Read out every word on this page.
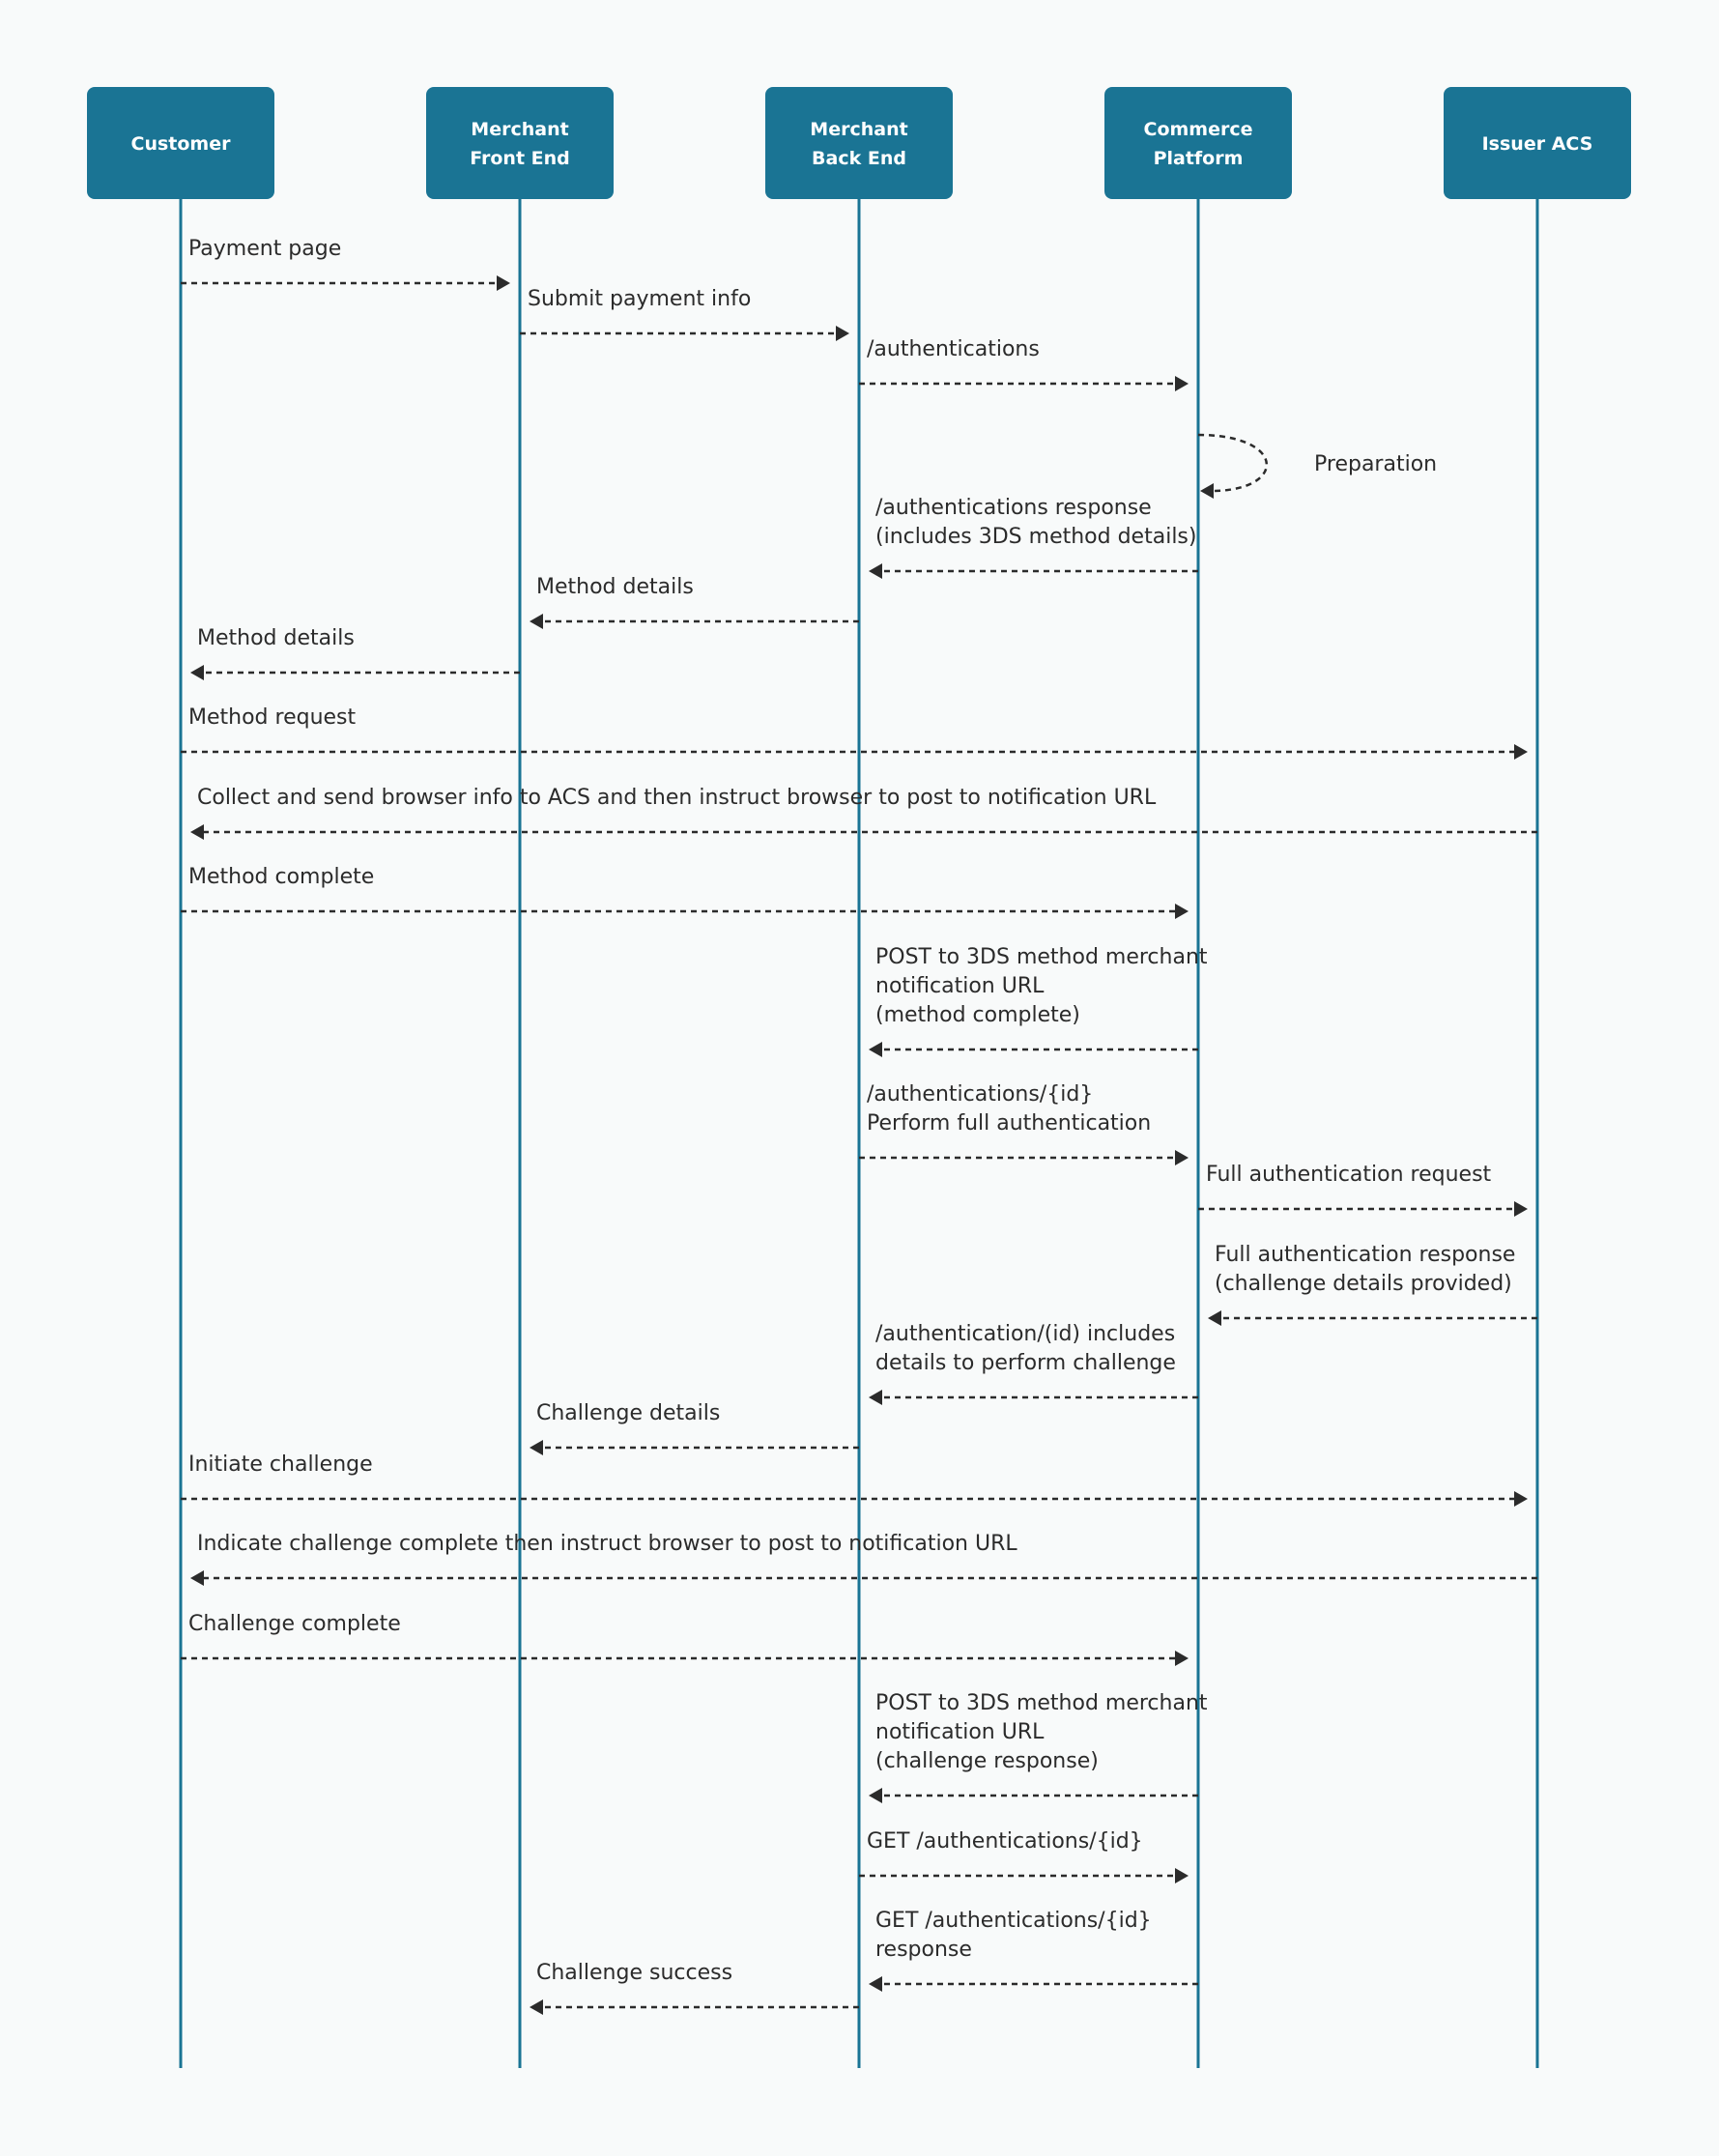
Payment page
Submit payment info
/authentications
Preparation
/authentications response
(includes 3DS method details)
Method details
Method details
Method request
Collect and send browser info to ACS and then instruct browser to post to notification URL
Method complete
POST to 3DS method merchant
notification URL
(method complete)
/authentications/{id}
Perform full authentication
Full authentication request
Full authentication response
(challenge details provided)
/authentication/(id) includes
details to perform challenge
Challenge details
Initiate challenge
Indicate challenge complete then instruct browser to post to notification URL
Challenge complete
POST to 3DS method merchant
notification URL
(challenge response)
GET /authentications/{id}
GET /authentications/{id}
response
Challenge success
Customer
Merchant
Front End
Merchant
Back End
Commerce
Platform
Issuer ACS
